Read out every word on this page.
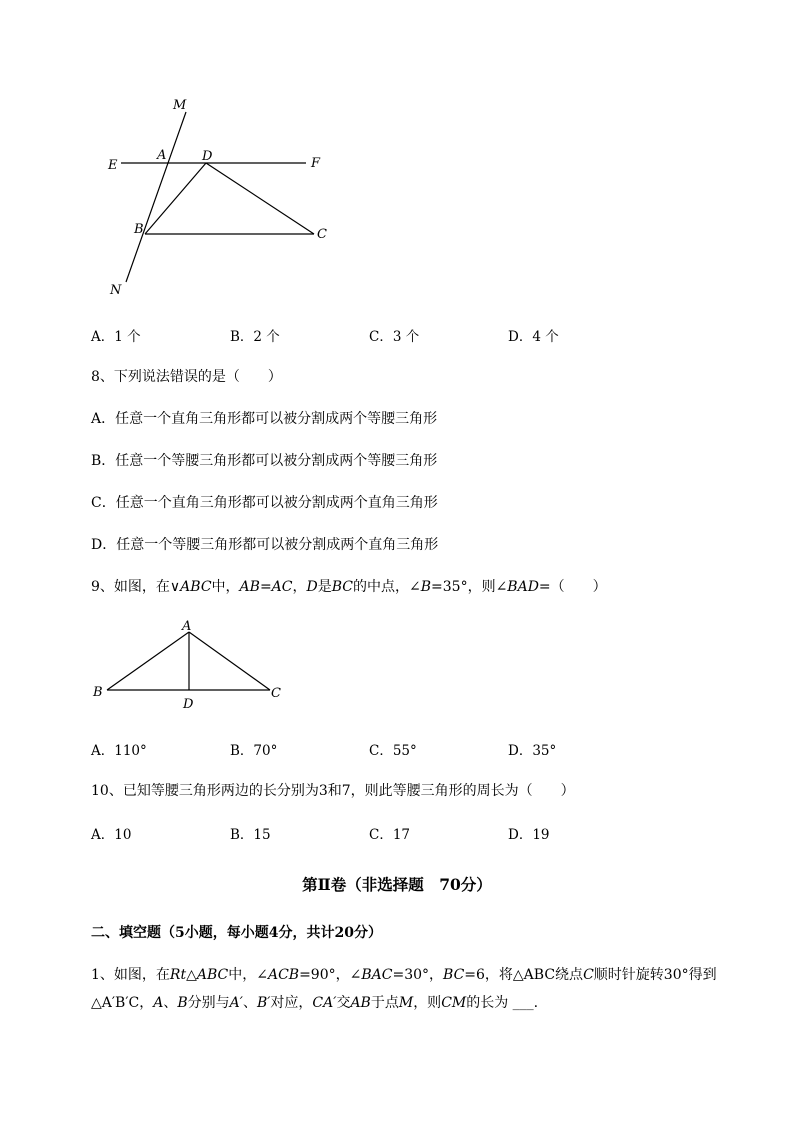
M
A	D
E	F
B	C
N
A．1 个	B．2 个	C．3 个	D．4 个
8、下列说法错误的是（　　）
A．任意一个直角三角形都可以被分割成两个等腰三角形
B．任意一个等腰三角形都可以被分割成两个等腰三角形
C．任意一个直角三角形都可以被分割成两个直角三角形
D．任意一个等腰三角形都可以被分割成两个直角三角形
9、如图，在∨ABC中，AB=AC，D是BC的中点，∠B=35°，则∠BAD=（　　）
A
B	C
D
A．110°	B．70°	C．55°	D．35°
10、已知等腰三角形两边的长分别为3和7，则此等腰三角形的周长为（　　）
A．10	B．15	C．17	D．19
第Ⅱ卷（非选择题　70分）
二、填空题（5小题，每小题4分，共计20分）
1、如图，在Rt△ABC中，∠ACB=90°，∠BAC=30°，BC=6，将△ABC绕点C顺时针旋转30°得到
△A′B′C，A、B分别与A′、B′对应，CA′交AB于点M，则CM的长为 ___.
